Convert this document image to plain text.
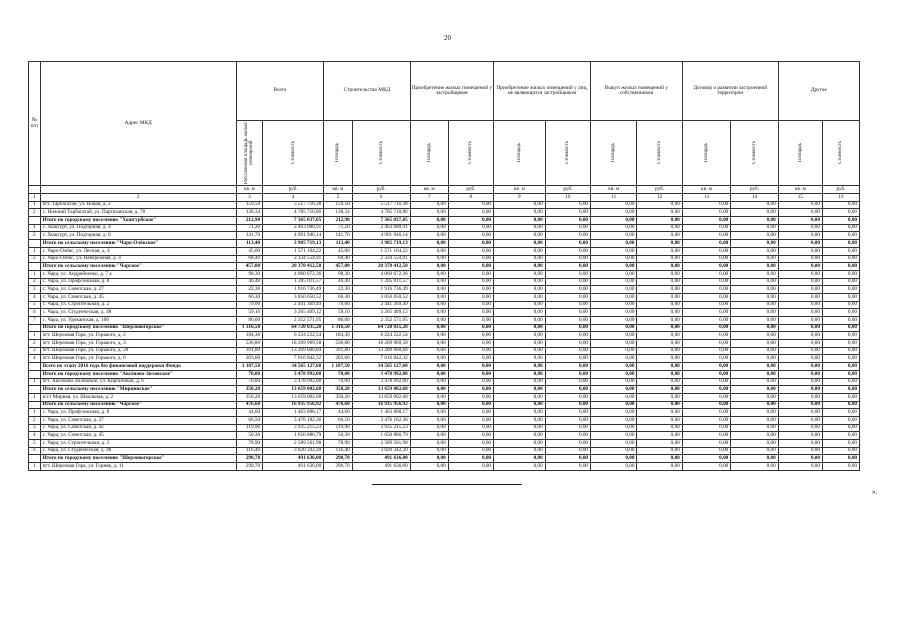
20
№ п/п	Адрес МКД	Всего		Строительство МКД		Приобретение жилых помещений у застройщиков		Приобретение жилых помещений у лиц, не являющихся застройщиком		Выкуп жилых помещений у собственников		Договор о развитии застроенной территории		Другое	

		Расселяемая площадь жилых помещений	Стоимость	Площадь	Стоимость	Площадь	Стоимость	Площадь	Стоимость	Площадь	Стоимость	Площадь	Стоимость	Площадь	Стоимость

		кв. м	руб.	кв. м	руб.	кв. м	руб.	кв. м	руб.	кв. м	руб.	кв. м	руб.	кв. м	руб.
1	2	3	4	5	6	7	8	9	10	11	12	13	14	15	16
1	пгт. Тарбагатай, ул. Новая, д. 2	159,50	5 517 716,38	159,50	5 517 716,38	0,00	0,00	0,00	0,00	0,00	0,00	0,00	0,00	0,00	0,00
2	с. Нижний Тарбагатай, ул. Партизанская, д. 78	138,34	4 785 710,86	138,34	4 785 710,86	0,00	0,00	0,00	0,00	0,00	0,00	0,00	0,00	0,00	0,00
	Итого по городскому поселению "Хошгурбское"	212,90	7 365 037,05	212,90	7 365 037,05	0,00	0,00	0,00	0,00	0,00	0,00	0,00	0,00	0,00	0,00
1	с. Хошгурт, ул. Подгорная, д. 4	71,20	2 463 080,91	71,20	2 463 080,91	0,00	0,00	0,00	0,00	0,00	0,00	0,00	0,00	0,00	0,00
2	с. Хошгурт, ул. Подгорная, д. 6	141,70	4 901 946,14	141,70	4 901 946,14	0,00	0,00	0,00	0,00	0,00	0,00	0,00	0,00	0,00	0,00
	Итого по сельскому поселению "Чаро-Олёкское"	113,40	3 905 719,13	113,40	3 905 719,13	0,00	0,00	0,00	0,00	0,00	0,00	0,00	0,00	0,00	0,00
1	с. Чаро-Олёкс, ул. Лесная, д. 4	45,00	1 571 164,22	45,00	1 571 164,22	0,00	0,00	0,00	0,00	0,00	0,00	0,00	0,00	0,00	0,00
2	с. Чаро-Олёкс, ул. Набережная, д. 4	68,40	2 334 554,91	68,40	2 334 554,91	0,00	0,00	0,00	0,00	0,00	0,00	0,00	0,00	0,00	0,00
	Итого по сельскому поселению "Чарское"	457,00	20 370 412,50	457,00	20 370 412,50	0,00	0,00	0,00	0,00	0,00	0,00	0,00	0,00	0,00	0,00
1	с. Чара, ул. Андрейченко, д. 7 а	98,30	4 060 672,36	98,30	4 060 672,36	0,00	0,00	0,00	0,00	0,00	0,00	0,00	0,00	0,00	0,00
2	с. Чара, ул. Профсоюзная, д. 8	46,40	1 285 011,57	46,40	1 285 011,57	0,00	0,00	0,00	0,00	0,00	0,00	0,00	0,00	0,00	0,00
3	с. Чара, ул. Советская, д. 27	22,30	1 916 736,49	22,30	1 916 736,49	0,00	0,00	0,00	0,00	0,00	0,00	0,00	0,00	0,00	0,00
4	с. Чара, ул. Советская, д. 45	66,30	3 850 650,52	66,30	3 850 650,52	0,00	0,00	0,00	0,00	0,00	0,00	0,00	0,00	0,00	0,00
5	с. Чара, ул. Строительная, д. 2	79,00	2 441 369,49	79,00	2 441 369,49	0,00	0,00	0,00	0,00	0,00	0,00	0,00	0,00	0,00	0,00
6	с. Чара, ул. Студенческая, д. 48	59,10	3 265 409,12	59,10	3 265 409,12	0,00	0,00	0,00	0,00	0,00	0,00	0,00	0,00	0,00	0,00
7	с. Чара, ул. Удоканская, д. 106	86,00	2 352 571,95	86,00	2 352 571,95	0,00	0,00	0,00	0,00	0,00	0,00	0,00	0,00	0,00	0,00
	Итого по городскому поселению "Шерловогорское"	1 316,50	64 720 035,28	1 316,50	64 720 035,28	0,00	0,00	0,00	0,00	0,00	0,00	0,00	0,00	0,00	0,00
1	пгт. Шерловая Гора, ул. Горького, д. 2	184,30	6 224 222,54	184,30	6 224 222,54	0,00	0,00	0,00	0,00	0,00	0,00	0,00	0,00	0,00	0,00
2	пгт. Шерловая Гора, ул. Горького, д. 3	536,80	18 269 969,58	536,80	18 269 969,58	0,00	0,00	0,00	0,00	0,00	0,00	0,00	0,00	0,00	0,00
3	пгт. Шерловая Гора, ул. Горького, д. 28	391,80	13 209 000,84	391,80	13 209 000,84	0,00	0,00	0,00	0,00	0,00	0,00	0,00	0,00	0,00	0,00
4	пгт. Шерловая Гора, ул. Горького, д. 6	203,60	7 016 842,32	203,60	7 016 842,32	0,00	0,00	0,00	0,00	0,00	0,00	0,00	0,00	0,00	0,00
	Всего по этапу 2016 года без финансовой поддержки Фонда	1 187,50	34 565 127,60	1 187,50	34 565 127,60	0,00	0,00	0,00	0,00	0,00	0,00	0,00	0,00	0,00	0,00
	Итого по городскому поселению "Аксёново-Зиловское"	70,00	3 478 992,00	70,00	3 478 992,00	0,00	0,00	0,00	0,00	0,00	0,00	0,00	0,00	0,00	0,00
1	пгт. Аксёново-Зиловское, ул. Кирпичный, д. 6	70,00	3 478 992,00	70,00	3 478 992,00	0,00	0,00	0,00	0,00	0,00	0,00	0,00	0,00	0,00	0,00
	Итого по сельскому поселению "Мирнинское"	350,20	13 659 002,68	350,20	13 659 002,68	0,00	0,00	0,00	0,00	0,00	0,00	0,00	0,00	0,00	0,00
1	п/ст Мирная, ул. Школьная, д. 2	350,20	13 659 002,68	350,20	13 659 002,68	0,00	0,00	0,00	0,00	0,00	0,00	0,00	0,00	0,00	0,00
	Итого по сельскому поселению "Чарское"	476,60	16 935 956,92	476,60	16 935 956,92	0,00	0,00	0,00	0,00	0,00	0,00	0,00	0,00	0,00	0,00
1	с. Чара, ул. Профсоюзная, д. 8	44,60	1 463 808,17	44,60	1 463 808,17	0,00	0,00	0,00	0,00	0,00	0,00	0,00	0,00	0,00	0,00
2	с. Чара, ул. Советская, д. 27	66,50	3 476 182,36	66,50	3 476 182,36	0,00	0,00	0,00	0,00	0,00	0,00	0,00	0,00	0,00	0,00
3	с. Чара, ул. Советская, д. 42	119,90	3 935 215,23	119,90	3 935 215,23	0,00	0,00	0,00	0,00	0,00	0,00	0,00	0,00	0,00	0,00
4	с. Чара, ул. Советская, д. 45	50,30	1 650 886,79	50,30	1 650 886,79	0,00	0,00	0,00	0,00	0,00	0,00	0,00	0,00	0,00	0,00
5	с. Чара, ул. Строительная, д. 2	78,90	2 589 561,98	78,90	2 589 561,98	0,00	0,00	0,00	0,00	0,00	0,00	0,00	0,00	0,00	0,00
6	с. Чара, ул. Студенческая, д. 48	116,40	3 820 342,39	116,40	3 820 342,39	0,00	0,00	0,00	0,00	0,00	0,00	0,00	0,00	0,00	0,00
	Итого по городскому поселению "Шерловогорское"	290,70	491 636,00	290,70	491 636,00	0,00	0,00	0,00	0,00	0,00	0,00	0,00	0,00	0,00	0,00
1	пгт. Шерловая Гора, ул. Горняк, д. 11	290,70	491 636,00	290,70	491 636,00	0,00	0,00	0,00	0,00	0,00	0,00	0,00	0,00	0,00	0,00
».
